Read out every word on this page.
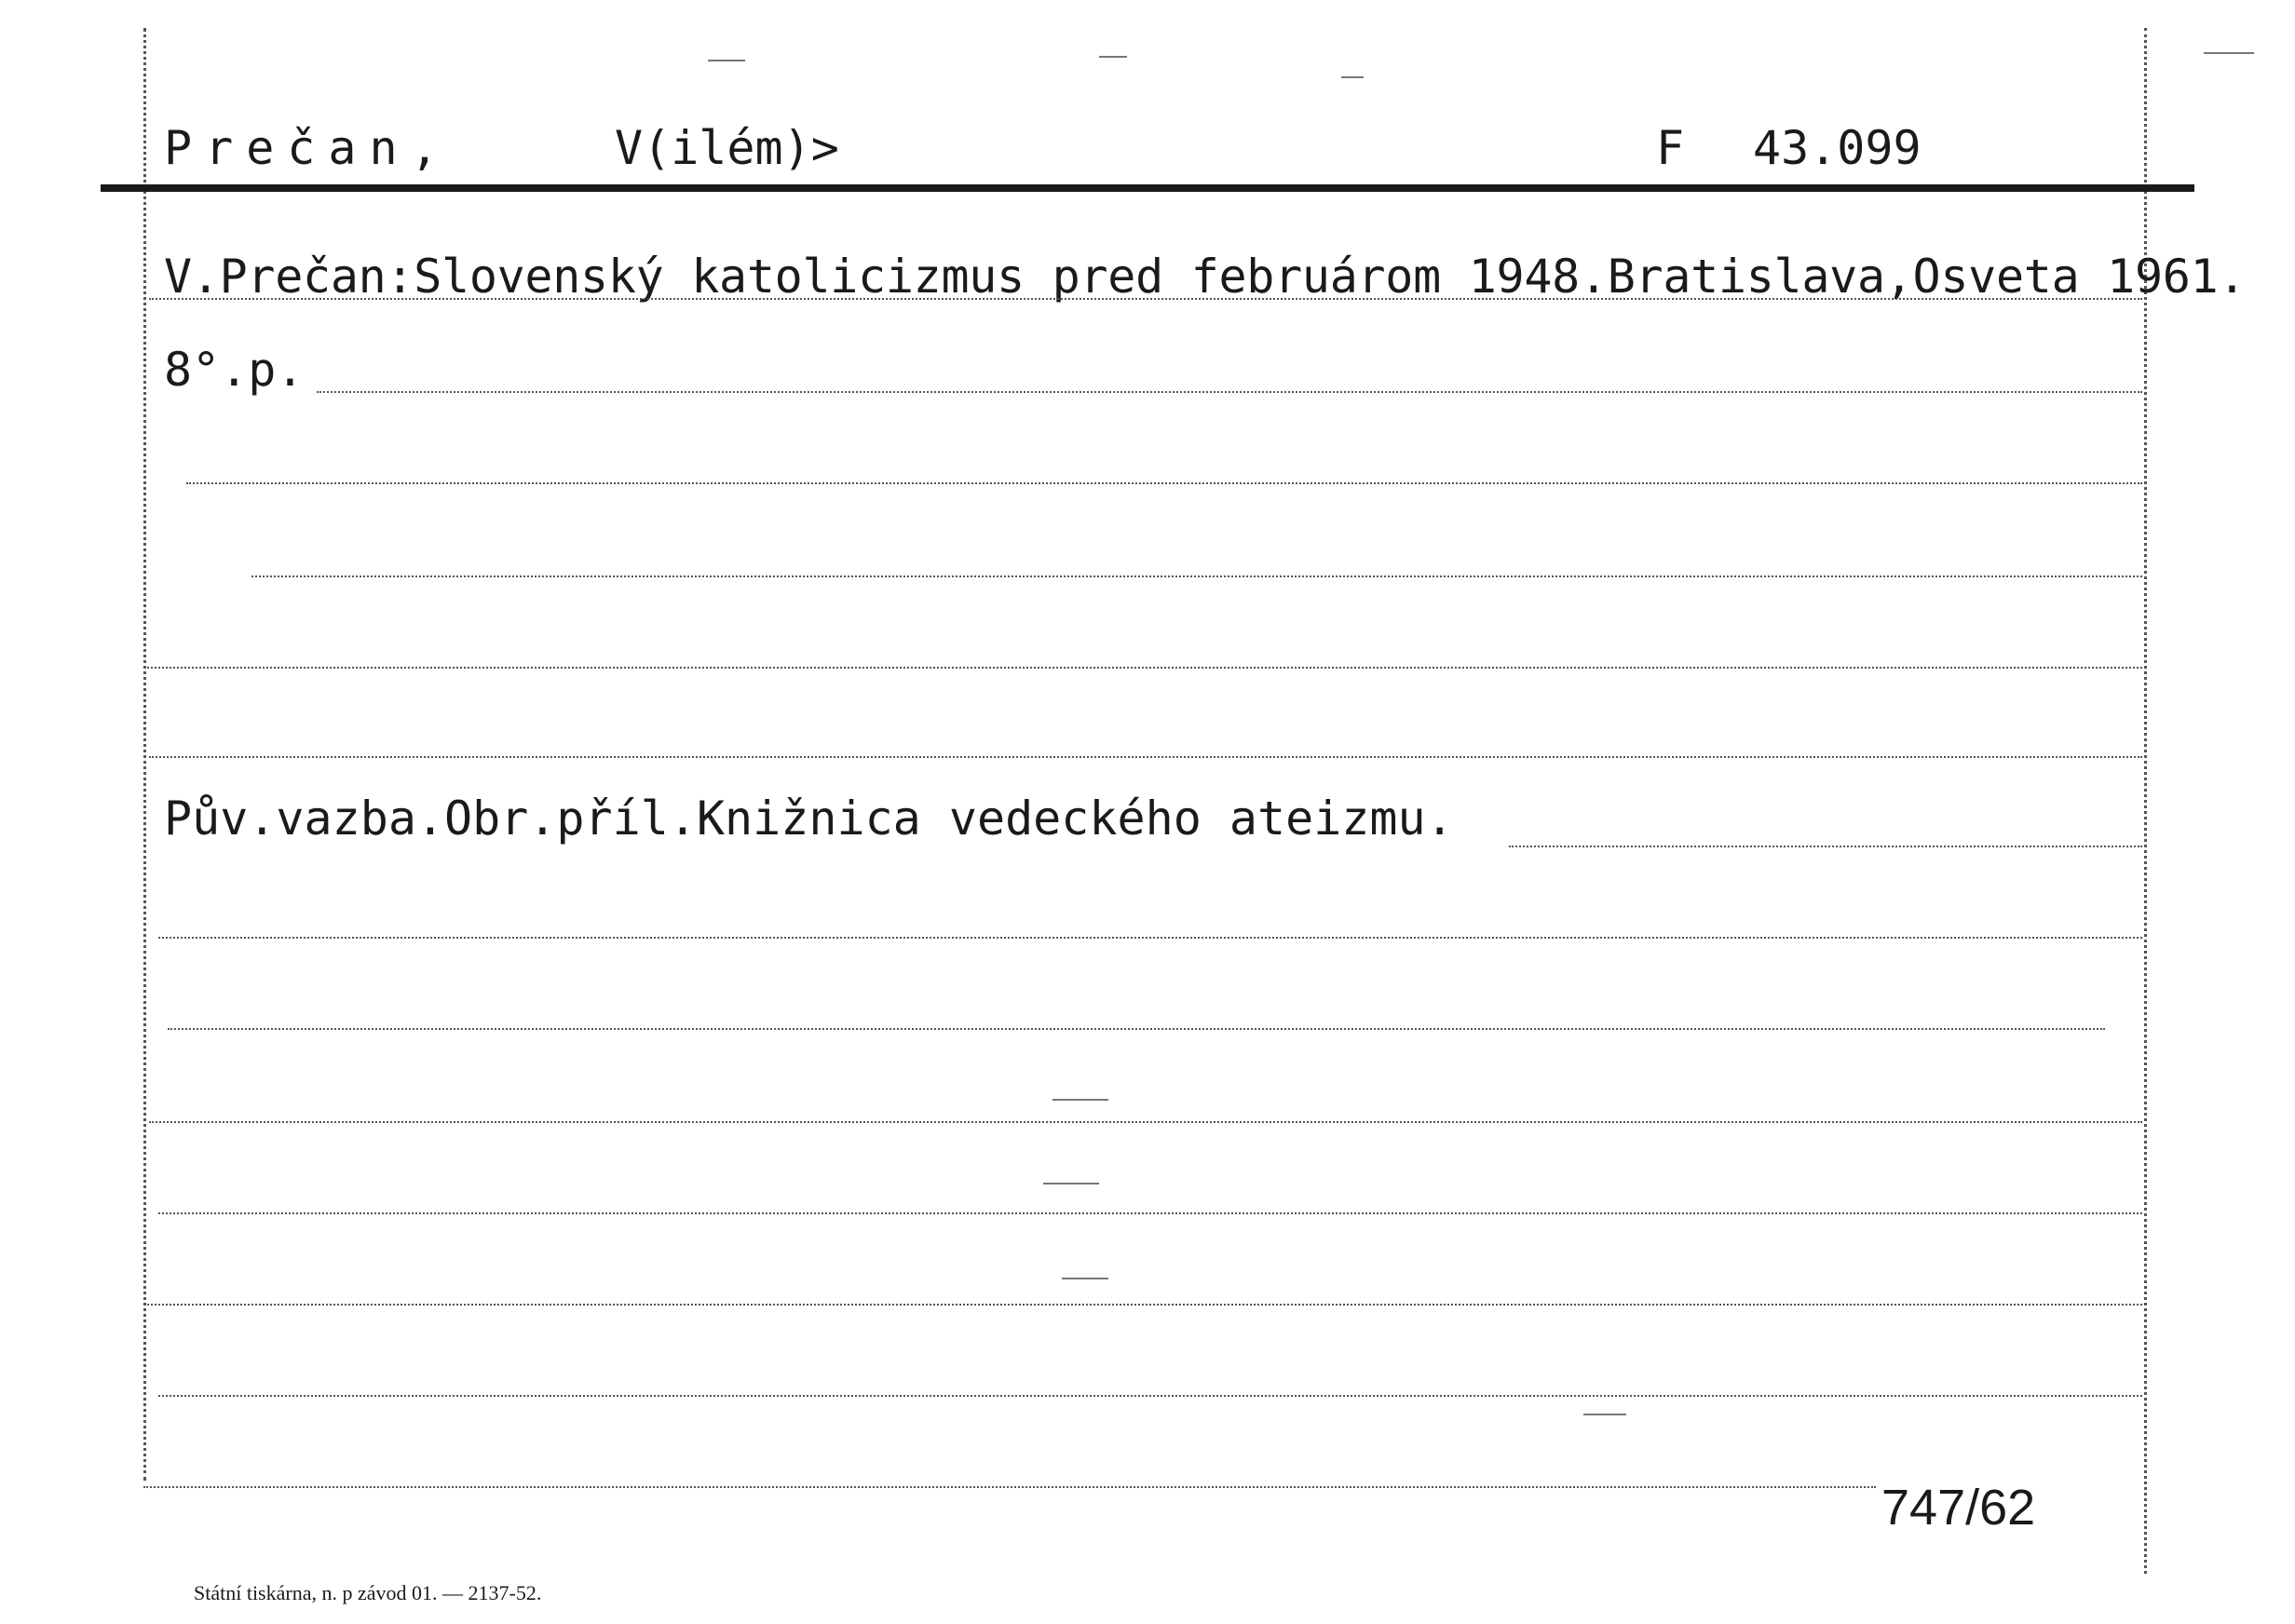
Prečan,	V(ilém)>	F 43.099
V.Prečan:Slovenský katolicizmus pred februárom 1948.Bratislava,Osveta 1961.
8°.p.
Pův.vazba.Obr.příl.Knižnica vedeckého ateizmu.
747/62
Státní tiskárna, n. p závod 01. — 2137-52.
